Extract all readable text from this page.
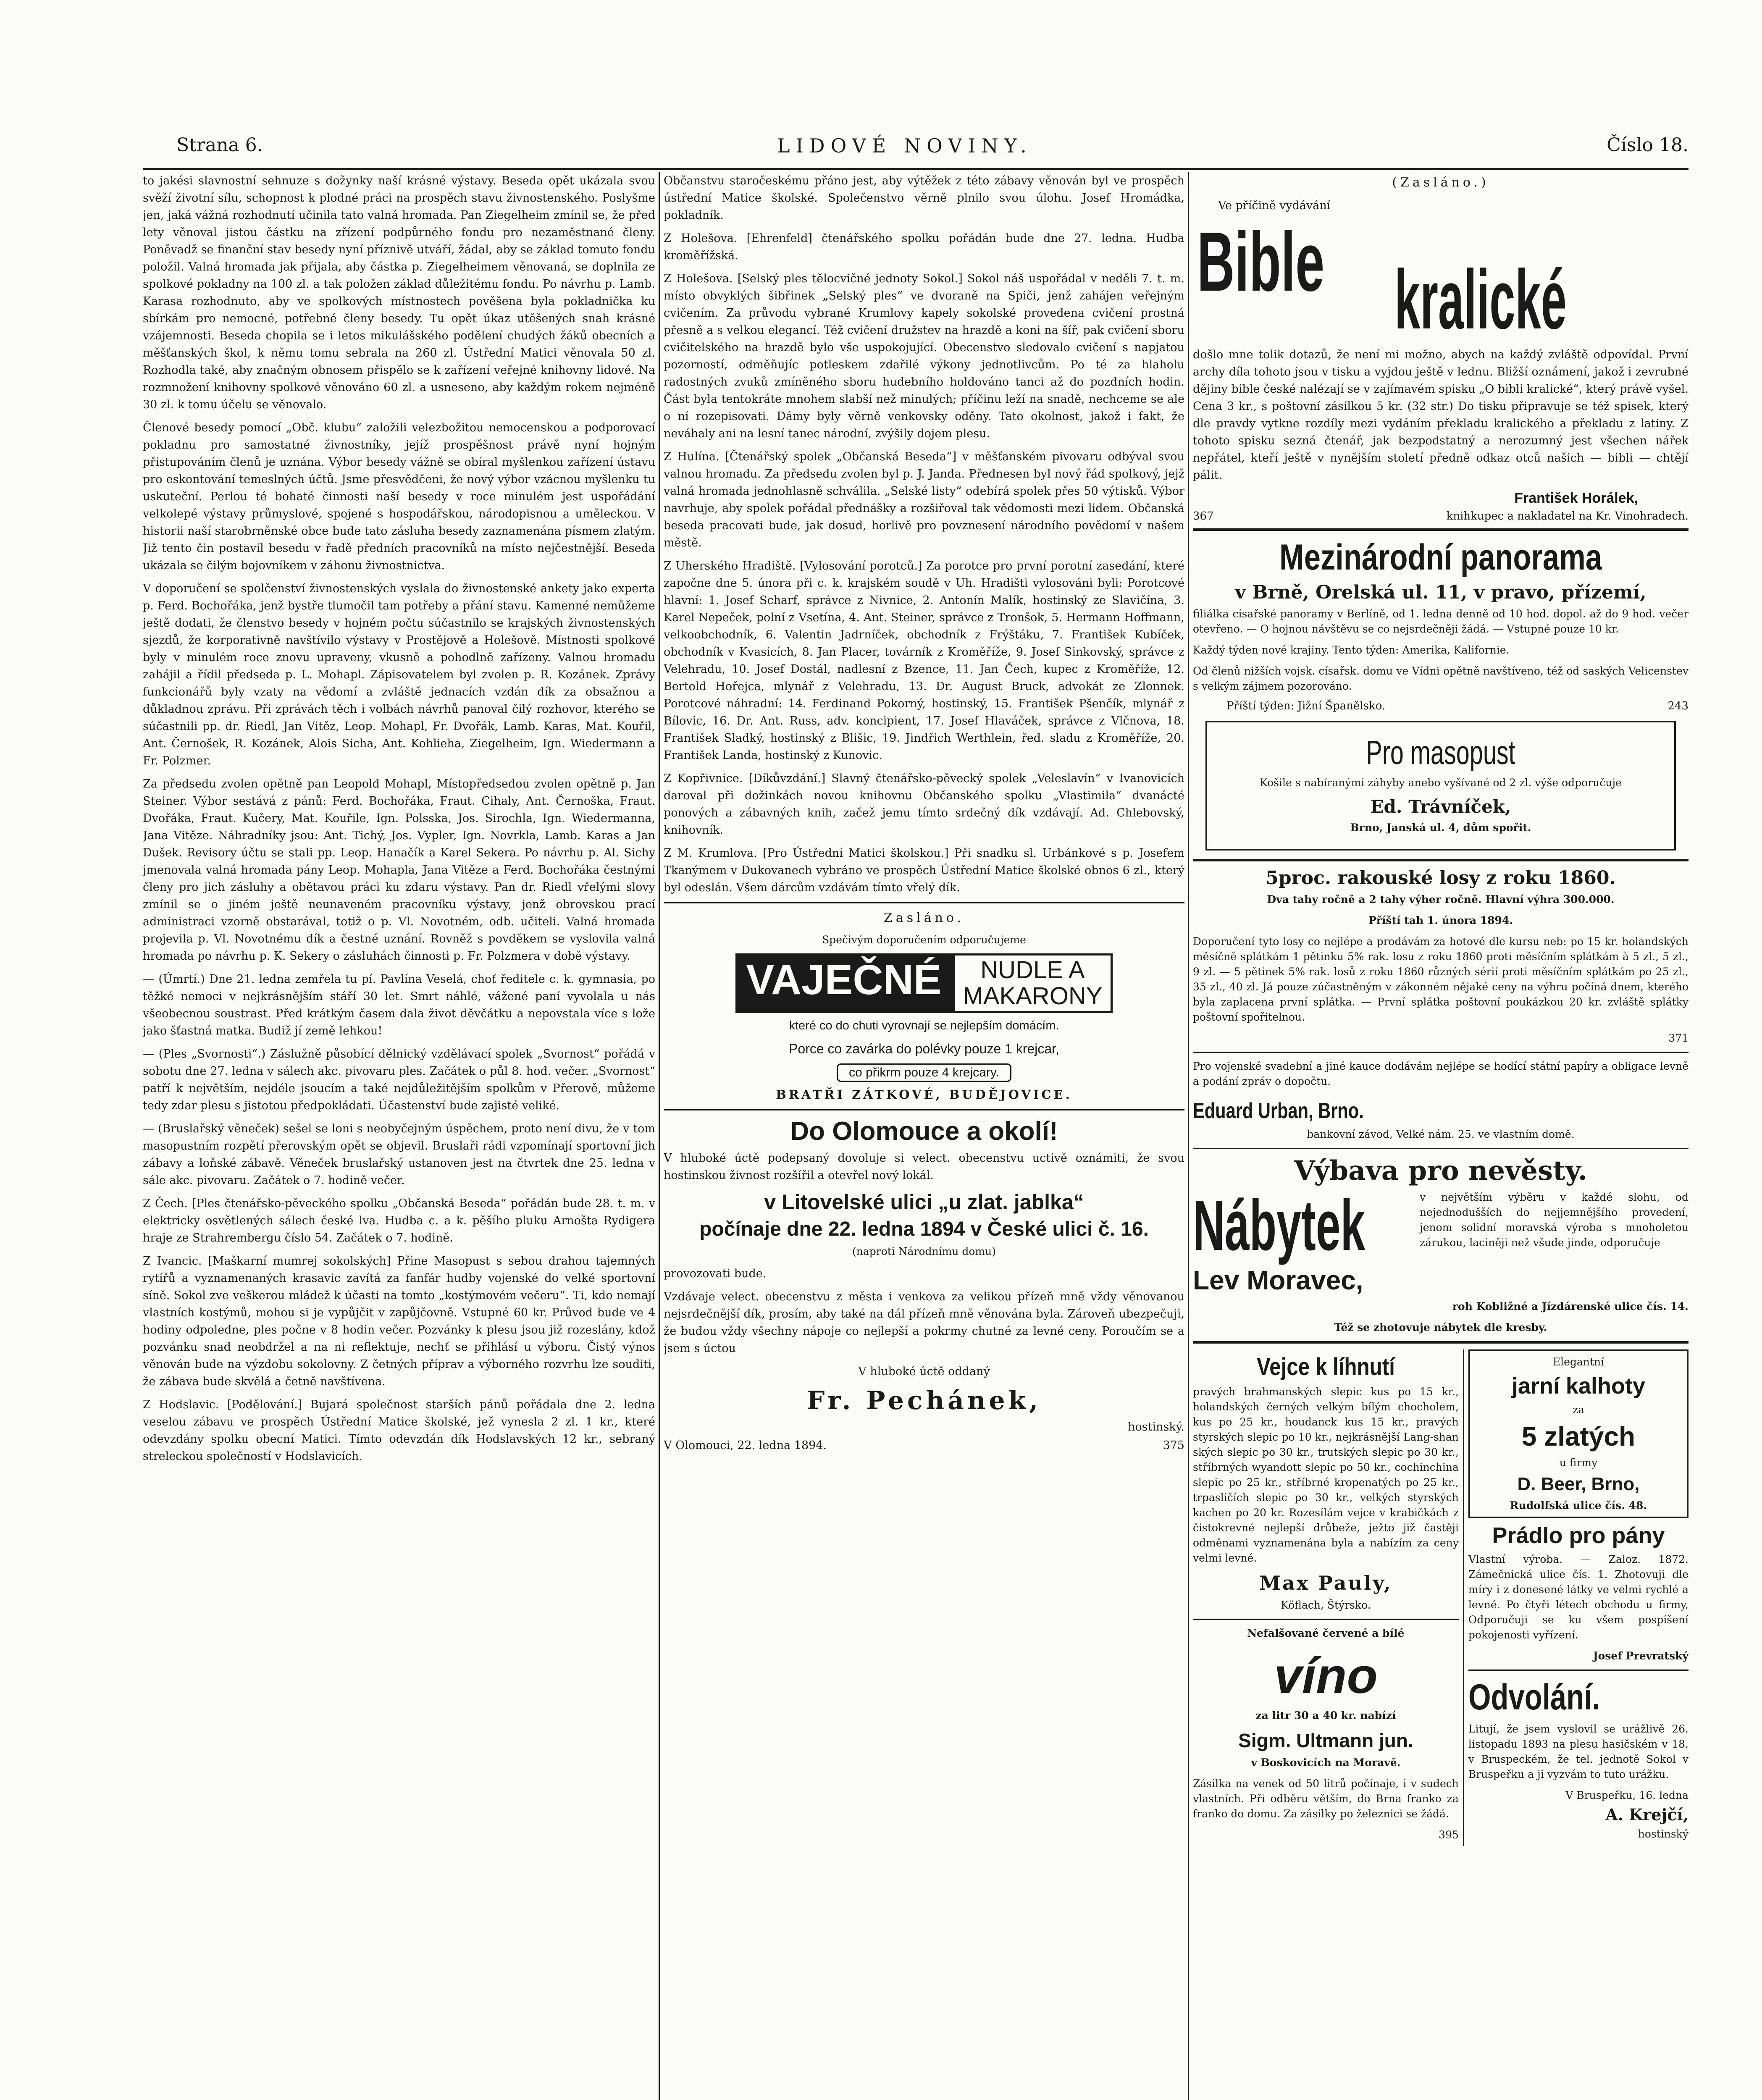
Strana 6.	LIDOVÉ NOVINY.	Číslo 18.

to jakési slavnostní sehnuze s dožynky naší krásné výstavy. Beseda opět ukázala svou svěží životní sílu, schopnost k plodné práci na prospěch stavu živnostenského. Poslyšme jen, jaká vážná rozhodnutí učinila tato valná hromada. Pan Ziegelheim zmínil se, že před lety věnoval jistou částku na zřízení podpůrného fondu pro nezaměstnané členy. Poněvadž se finanční stav besedy nyní příznivě utváří, žádal, aby se základ tomuto fondu položil. Valná hromada jak přijala, aby částka p. Ziegelheimem věnovaná, se doplnila ze spolkové pokladny na 100 zl. a tak položen základ důležitému fondu. Po návrhu p. Lamb. Karasa rozhodnuto, aby ve spolkových místnostech pověšena byla pokladnička ku sbírkám pro nemocné, potřebné členy besedy. Tu opět úkaz utěšených snah krásné vzájemnosti. Beseda chopila se i letos mikulášského podělení chudých žáků obecních a měšťanských škol, k němu tomu sebrala na 260 zl. Ústřední Matici věnovala 50 zl. Rozhodla také, aby značným obnosem přispělo se k zařízení veřejné knihovny lidové. Na rozmnožení knihovny spolkové věnováno 60 zl. a usneseno, aby každým rokem nejméně 30 zl. k tomu účelu se věnovalo.

Členové besedy pomocí „Obč. klubu“ založili velezbožitou nemocenskou a podporovací pokladnu pro samostatné živnostníky, jejíž prospěšnost právě nyní hojným přistupováním členů je uznána. Výbor besedy vážně se obíral myšlenkou zařízení ústavu pro eskontování temeslných účtů. Jsme přesvědčeni, že nový výbor vzácnou myšlenku tu uskuteční. Perlou té bohaté činnosti naší besedy v roce minulém jest uspořádání velkolepé výstavy průmyslové, spojené s hospodářskou, národopisnou a uměleckou. V historii naší starobrněnské obce bude tato zásluha besedy zaznamenána písmem zlatým. Již tento čin postavil besedu v řadě předních pracovníků na místo nejčestnější. Beseda ukázala se čilým bojovníkem v záhonu živnostnictva.

V doporučení se spolčenství živnostenských vyslala do živnostenské ankety jako experta p. Ferd. Bochořáka, jenž bystře tlumočil tam potřeby a přání stavu. Kamenné nemůžeme ještě dodati, že členstvo besedy v hojném počtu súčastnilo se krajských živnostenských sjezdů, že korporativně navštívilo výstavy v Prostějově a Holešově. Místnosti spolkové byly v minulém roce znovu upraveny, vkusně a pohodlně zařízeny. Valnou hromadu zahájil a řídil předseda p. L. Mohapl. Zápisovatelem byl zvolen p. R. Kozánek. Zprávy funkcionářů byly vzaty na vědomí a zvláště jednacích vzdán dík za obsažnou a důkladnou zprávu. Při zprávách těch i volbách návrhů panoval čilý rozhovor, kterého se súčastnili pp. dr. Riedl, Jan Vitěz, Leop. Mohapl, Fr. Dvořák, Lamb. Karas, Mat. Kouřil, Ant. Černošek, R. Kozánek, Alois Sicha, Ant. Kohlieha, Ziegelheim, Ign. Wiedermann a Fr. Polzmer.

Za předsedu zvolen opětně pan Leopold Mohapl, Místopředsedou zvolen opětně p. Jan Steiner. Výbor sestává z pánů: Ferd. Bochořáka, Fraut. Cihaly, Ant. Černoška, Fraut. Dvořáka, Fraut. Kučery, Mat. Kouřile, Ign. Polsska, Jos. Sirochla, Ign. Wiedermanna, Jana Vitěze. Náhradníky jsou: Ant. Tichý, Jos. Vypler, Ign. Novrkla, Lamb. Karas a Jan Dušek. Revisory účtu se stali pp. Leop. Hanačík a Karel Sekera. Po návrhu p. Al. Sichy jmenovala valná hromada pány Leop. Mohapla, Jana Vitěze a Ferd. Bochořáka čestnými členy pro jich zásluhy a obětavou práci ku zdaru výstavy. Pan dr. Riedl vřelými slovy zmínil se o jiném ještě neunaveném pracovníku výstavy, jenž obrovskou prací administraci vzorně obstarával, totiž o p. Vl. Novotném, odb. učiteli. Valná hromada projevila p. Vl. Novotnému dík a čestné uznání. Rovněž s povděkem se vyslovila valná hromada po návrhu p. K. Sekery o zásluhách činnosti p. Fr. Polzmera v době výstavy.

— (Úmrtí.) Dne 21. ledna zemřela tu pí. Pavlína Veselá, choť ředitele c. k. gymnasia, po těžké nemoci v nejkrásnějším stáří 30 let. Smrt náhlé, vážené paní vyvolala u nás všeobecnou soustrast. Před krátkým časem dala život děvčátku a nepovstala více s lože jako šťastná matka. Budiž jí země lehkou!

— (Ples „Svornosti“.) Záslužně působící dělnický vzdělávací spolek „Svornost“ pořádá v sobotu dne 27. ledna v sálech akc. pivovaru ples. Začátek o půl 8. hod. večer. „Svornost“ patří k největším, nejdéle jsoucím a také nejdůležitějším spolkům v Přerově, můžeme tedy zdar plesu s jistotou předpokládati. Účastenství bude zajisté veliké.

— (Bruslařský věneček) sešel se loni s neobyčejným úspěchem, proto není divu, že v tom masopustním rozpětí přerovským opět se objevil. Bruslaři rádi vzpomínají sportovní jich zábavy a loňské zábavě. Věneček bruslařský ustanoven jest na čtvrtek dne 25. ledna v sále akc. pivovaru. Začátek o 7. hodině večer.

Z Čech. [Ples čtenářsko-pěveckého spolku „Občanská Beseda“ pořádán bude 28. t. m. v elektricky osvětlených sálech české lva. Hudba c. a k. pěšího pluku Arnošta Rydigera hraje ze Strahrembergu číslo 54. Začátek o 7. hodině.

Z Ivancic. [Maškarní mumrej sokolských] Přine Masopust s sebou drahou tajemných rytířů a vyznamenaných krasavic zavítá za fanfár hudby vojenské do velké sportovní síně. Sokol zve veškerou mládež k účasti na tomto „kostýmovém večeru“. Ti, kdo nemají vlastních kostýmů, mohou si je vypůjčit v zapůjčovně. Vstupné 60 kr. Průvod bude ve 4 hodiny odpoledne, ples počne v 8 hodin večer. Pozvánky k plesu jsou již rozeslány, kdož pozvánku snad neobdržel a na ni reflektuje, nechť se přihlásí u výboru. Čistý výnos věnován bude na výzdobu sokolovny. Z četných příprav a výborného rozvrhu lze souditi, že zábava bude skvělá a četně navštívena.

Z Hodslavic. [Podělování.] Bujará společnost starších pánů pořádala dne 2. ledna veselou zábavu ve prospěch Ústřední Matice školské, jež vynesla 2 zl. 1 kr., které odevzdány spolku obecní Matici. Tímto odevzdán dík Hodslavských 12 kr., sebraný streleckou společností v Hodslavicích.

Občanstvu staročeskému přáno jest, aby výtěžek z této zábavy věnován byl ve prospěch ústřední Matice školské. Společenstvo věrně plnilo svou úlohu. Josef Hromádka, pokladník.

Z Holešova. [Ehrenfeld] čtenářského spolku pořádán bude dne 27. ledna. Hudba kroměřížská.

Z Holešova. [Selský ples tělocvičné jednoty Sokol.] Sokol náš uspořádal v neděli 7. t. m. místo obvyklých šibřinek „Selský ples“ ve dvoraně na Spiči, jenž zahájen veřejným cvičením. Za průvodu vybrané Krumlovy kapely sokolské provedena cvičení prostná přesně a s velkou elegancí. Též cvičení družstev na hrazdě a koni na šíř, pak cvičení sboru cvičitelského na hrazdě bylo vše uspokojující. Obecenstvo sledovalo cvičení s napjatou pozorností, odměňujíc potleskem zdařilé výkony jednotlivcům. Po té za hlaholu radostných zvuků zmíněného sboru hudebního holdováno tanci až do pozdních hodin. Část byla tentokráte mnohem slabší než minulých; příčinu leží na snadě, nechceme se ale o ní rozepisovati. Dámy byly věrně venkovsky oděny. Tato okolnost, jakož i fakt, že neváhaly ani na lesní tanec národní, zvýšily dojem plesu.

Z Hulína. [Čtenářský spolek „Občanská Beseda“] v měšťanském pivovaru odbýval svou valnou hromadu. Za předsedu zvolen byl p. J. Janda. Přednesen byl nový řád spolkový, jejž valná hromada jednohlasně schválila. „Selské listy“ odebírá spolek přes 50 výtisků. Výbor navrhuje, aby spolek pořádal přednášky a rozšiřoval tak vědomosti mezi lidem. Občanská beseda pracovati bude, jak dosud, horlivě pro povznesení národního povědomí v našem městě.

Z Uherského Hradiště. [Vylosování porotců.] Za porotce pro první porotní zasedání, které započne dne 5. února při c. k. krajském soudě v Uh. Hradišti vylosováni byli: Porotcové hlavní: 1. Josef Scharf, správce z Nivnice, 2. Antonín Malík, hostinský ze Slavičína, 3. Karel Nepeček, polní z Vsetína, 4. Ant. Steiner, správce z Tronšok, 5. Hermann Hoffmann, velkoobchodník, 6. Valentin Jadrníček, obchodník z Frýštáku, 7. František Kubíček, obchodník v Kvasicích, 8. Jan Placer, továrník z Kroměříže, 9. Josef Sinkovský, správce z Velehradu, 10. Josef Dostál, nadlesní z Bzence, 11. Jan Čech, kupec z Kroměříže, 12. Bertold Hořejca, mlynář z Velehradu, 13. Dr. August Bruck, advokát ze Zlonnek. Porotcové náhradní: 14. Ferdinand Pokorný, hostinský, 15. František Pšenčík, mlynář z Bílovic, 16. Dr. Ant. Russ, adv. koncipient, 17. Josef Hlaváček, správce z Vlčnova, 18. František Sladký, hostinský z Blišic, 19. Jindřich Werthlein, řed. sladu z Kroměříže, 20. František Landa, hostinský z Kunovic.

Z Kopřivnice. [Díkůvzdání.] Slavný čtenářsko-pěvecký spolek „Veleslavín“ v Ivanovicích daroval při dožinkách novou knihovnu Občanského spolku „Vlastimila“ dvanácté ponových a zábavných knih, začež jemu tímto srdečný dík vzdávají. Ad. Chlebovský, knihovník.

Z M. Krumlova. [Pro Ústřední Matici školskou.] Při snadku sl. Urbánkové s p. Josefem Tkanýmem v Dukovanech vybráno ve prospěch Ústřední Matice školské obnos 6 zl., který byl odeslán. Všem dárcům vzdávám tímto vřelý dík.

Zasláno.

Spečivým doporučením odporučujeme

VAJEČNÉ	NUDLE A
MAKARONY

které co do chuti vyrovnají se nejlepším domácím.

Porce co zavárka do polévky pouze 1 krejcar,

co přikrm pouze 4 krejcary.

BRATŘI ZÁTKOVÉ, BUDĚJOVICE.

Do Olomouce a okolí!

V hluboké úctě podepsaný dovoluje si velect. obecenstvu uctivě oznámiti, že svou hostinskou živnost rozšířil a otevřel nový lokál.

v Litovelské ulici „u zlat. jablka“
počínaje dne 22. ledna 1894 v České ulici č. 16.

(naproti Národnímu domu)

provozovati bude.

Vzdávaje velect. obecenstvu z města i venkova za velikou přízeň mně vždy věnovanou nejsrdečnější dík, prosím, aby také na dál přízeň mně věnována byla. Zároveň ubezpečuji, že budou vždy všechny nápoje co nejlepší a pokrmy chutné za levné ceny. Poroučím se a jsem s úctou

V hluboké úctě oddaný

Fr. Pechánek,

hostinský.

V Olomouci, 22. ledna 1894.	375

(Zasláno.)

Ve příčině vydávání

Bible kralické

došlo mne tolik dotazů, že není mi možno, abych na každý zvláště odpovídal. První archy díla tohoto jsou v tisku a vyjdou ještě v lednu. Bližší oznámení, jakož i zevrubné dějiny bible české nalézají se v zajímavém spisku „O bibli kralické“, který právě vyšel. Cena 3 kr., s poštovní zásilkou 5 kr. (32 str.) Do tisku připravuje se též spisek, který dle pravdy vytkne rozdíly mezi vydáním překladu kralického a překladu z latiny. Z tohoto spisku sezná čtenář, jak bezpodstatný a nerozumný jest všechen nářek nepřátel, kteří ještě v nynějším století předně odkaz otců našich — bibli — chtějí pálit.

František Horálek,

367	knihkupec a nakladatel na Kr. Vinohradech.
Mezinárodní panorama
v Brně, Orelská ul. 11, v pravo, přízemí,

filiálka císařské panoramy v Berlíně, od 1. ledna denně od 10 hod. dopol. až do 9 hod. večer otevřeno. — O hojnou návštěvu se co nejsrdečněji žádá. — Vstupné pouze 10 kr.

Každý týden nové krajiny. Tento týden: Amerika, Kalifornie.

Od členů nižších vojsk. císařsk. domu ve Vídni opětně navštíveno, též od saských Velicenstev s velkým zájmem pozorováno.

Příští týden: Jižní Španělsko.	243
Pro masopust

Košile s nabíranými záhyby anebo vyšívané od 2 zl. výše odporučuje

Ed. Trávníček,

Brno, Janská ul. 4, dům spořit.

5proc. rakouské losy z roku 1860.

Dva tahy ročně a 2 tahy výher ročně. Hlavní výhra 300.000.

Příští tah 1. února 1894.

Doporučení tyto losy co nejlépe a prodávám za hotové dle kursu neb: po 15 kr. holandských měsíčně splátkám 1 pětinku 5% rak. losu z roku 1860 proti měsíčním splátkám à 5 zl., 5 zl., 9 zl. — 5 pětinek 5% rak. losů z roku 1860 různých sérií proti měsíčním splátkám po 25 zl., 35 zl., 40 zl. Já pouze zúčastněným v zákonném nějaké ceny na výhru počíná dnem, kterého byla zaplacena první splátka. — První splátka poštovní poukázkou 20 kr. zvláště splátky poštovní spořitelnou.

371

Pro vojenské svadební a jiné kauce dodávám nejlépe se hodící státní papíry a obligace levně a podání zpráv o dopočtu.

Eduard Urban, Brno.

bankovní závod, Velké nám. 25. ve vlastním domě.

Výbava pro nevěsty.
Nábytek	v největším výběru v každé slohu, od nejednodušších do nejjemnějšího provedení, jenom solidní moravská výroba s mnoholetou zárukou, laciněji než všude jinde, odporučuje

Lev Moravec,

roh Kobližné a Jízdárenské ulice čís. 14.

Též se zhotovuje nábytek dle kresby.

Vejce k líhnutí

pravých brahmanských slepic kus po 15 kr., holandských černých velkým bílým chocholem, kus po 25 kr., houdanck kus 15 kr., pravých styrských slepic po 10 kr., nejkrásnější Lang-shan ských slepic po 30 kr., trutských slepic po 30 kr., stříbrných wyandott slepic po 50 kr., cochinchina slepic po 25 kr., stříbrné kropenatých po 25 kr., trpasličích slepic po 30 kr., velkých styrských kachen po 20 kr. Rozesílám vejce v krabičkách z čistokrevné nejlepší drůbeže, ježto již častěji odměnami vyznamenána byla a nabízím za ceny velmi levné.

Max Pauly,

Köflach, Štýrsko.

Nefalšované červené a bílé

víno

za litr 30 a 40 kr. nabízí

Sigm. Ultmann jun.

v Boskovicích na Moravě.

Zásilka na venek od 50 litrů počínaje, i v sudech vlastních. Při odběru větším, do Brna franko za franko do domu. Za zásilky po železnici se žádá.

395

Elegantní

jarní kalhoty

za

5 zlatých

u firmy

D. Beer, Brno,

Rudolfská ulice čís. 48.

Prádlo pro pány

Vlastní výroba. — Zaloz. 1872. Zámečnická ulice čís. 1. Zhotovuji dle míry i z donesené látky ve velmi rychlé a levné. Po čtyři létech obchodu u firmy, Odporučuji se ku všem pospíšení pokojenosti vyřízení.

Josef Prevratský

Odvolání.

Litují, že jsem vyslovil se urážlivě 26. listopadu 1893 na plesu hasičském v 18. v Bruspeckém, že tel. jednotě Sokol v Bruspeřku a ji vyzvám to tuto urážku.

V Bruspeřku, 16. ledna

A. Krejčí,

hostinský
